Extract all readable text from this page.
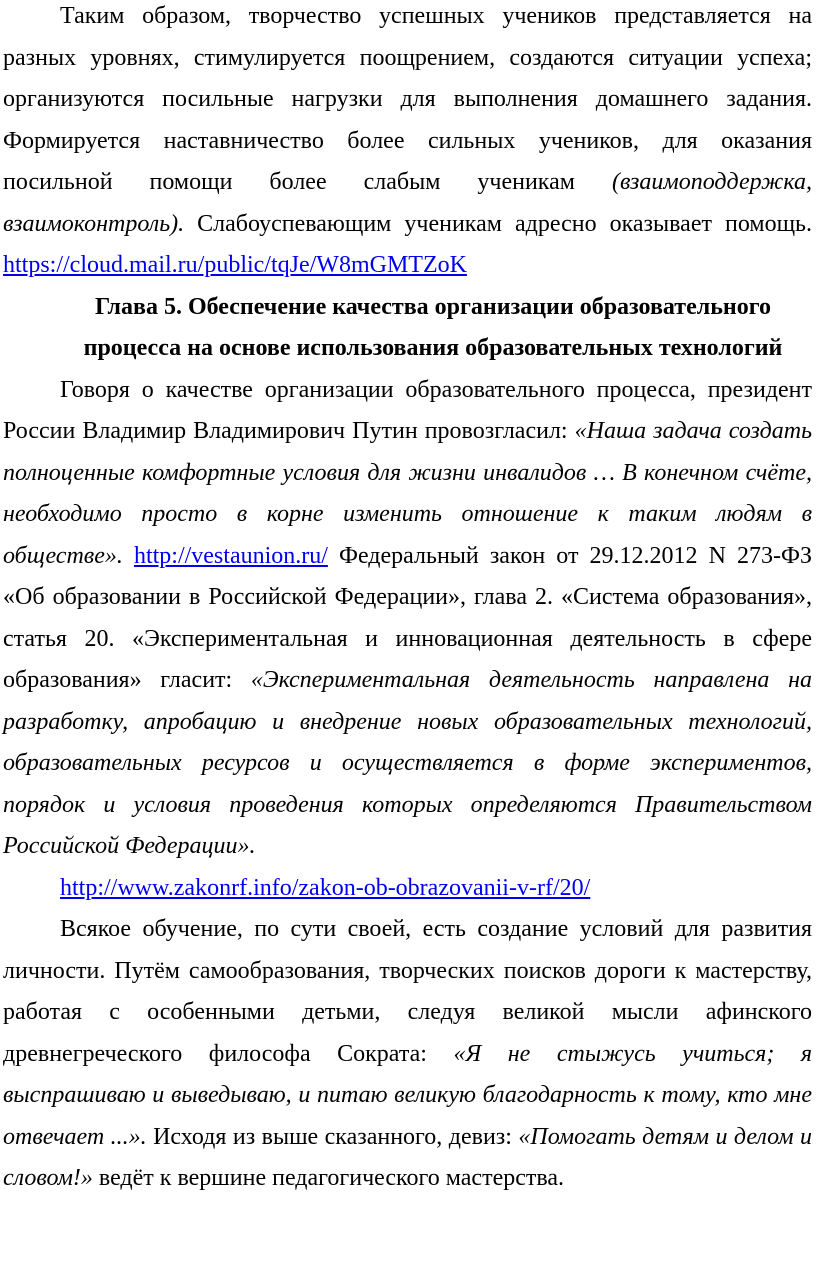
Таким образом, творчество успешных учеников представляется на разных уровнях, стимулируется поощрением, создаются ситуации успеха; организуются посильные нагрузки для выполнения домашнего задания. Формируется наставничество более сильных учеников, для оказания посильной помощи более слабым ученикам (взаимоподдержка, взаимоконтроль). Слабоуспевающим ученикам адресно оказывает помощь. https://cloud.mail.ru/public/tqJe/W8mGMTZoK

Глава 5. Обеспечение качества организации образовательного
процесса на основе использования образовательных технологий

Говоря о качестве организации образовательного процесса, президент России Владимир Владимирович Путин провозгласил: «Наша задача создать полноценные комфортные условия для жизни инвалидов … В конечном счёте, необходимо просто в корне изменить отношение к таким людям в обществе». http://vestaunion.ru/ Федеральный закон от 29.12.2012 N 273-ФЗ «Об образовании в Российской Федерации», глава 2. «Система образования», статья 20. «Экспериментальная и инновационная деятельность в сфере образования» гласит: «Экспериментальная деятельность направлена на разработку, апробацию и внедрение новых образовательных технологий, образовательных ресурсов и осуществляется в форме экспериментов, порядок и условия проведения которых определяются Правительством Российской Федерации».

http://www.zakonrf.info/zakon-ob-obrazovanii-v-rf/20/

Всякое обучение, по сути своей, есть создание условий для развития личности. Путём самообразования, творческих поисков дороги к мастерству, работая с особенными детьми, следуя великой мысли афинского древнегреческого философа Сократа: «Я не стыжусь учиться; я выспрашиваю и выведываю, и питаю великую благодарность к тому, кто мне отвечает ...». Исходя из выше сказанного, девиз: «Помогать детям и делом и словом!» ведёт к вершине педагогического мастерства.
